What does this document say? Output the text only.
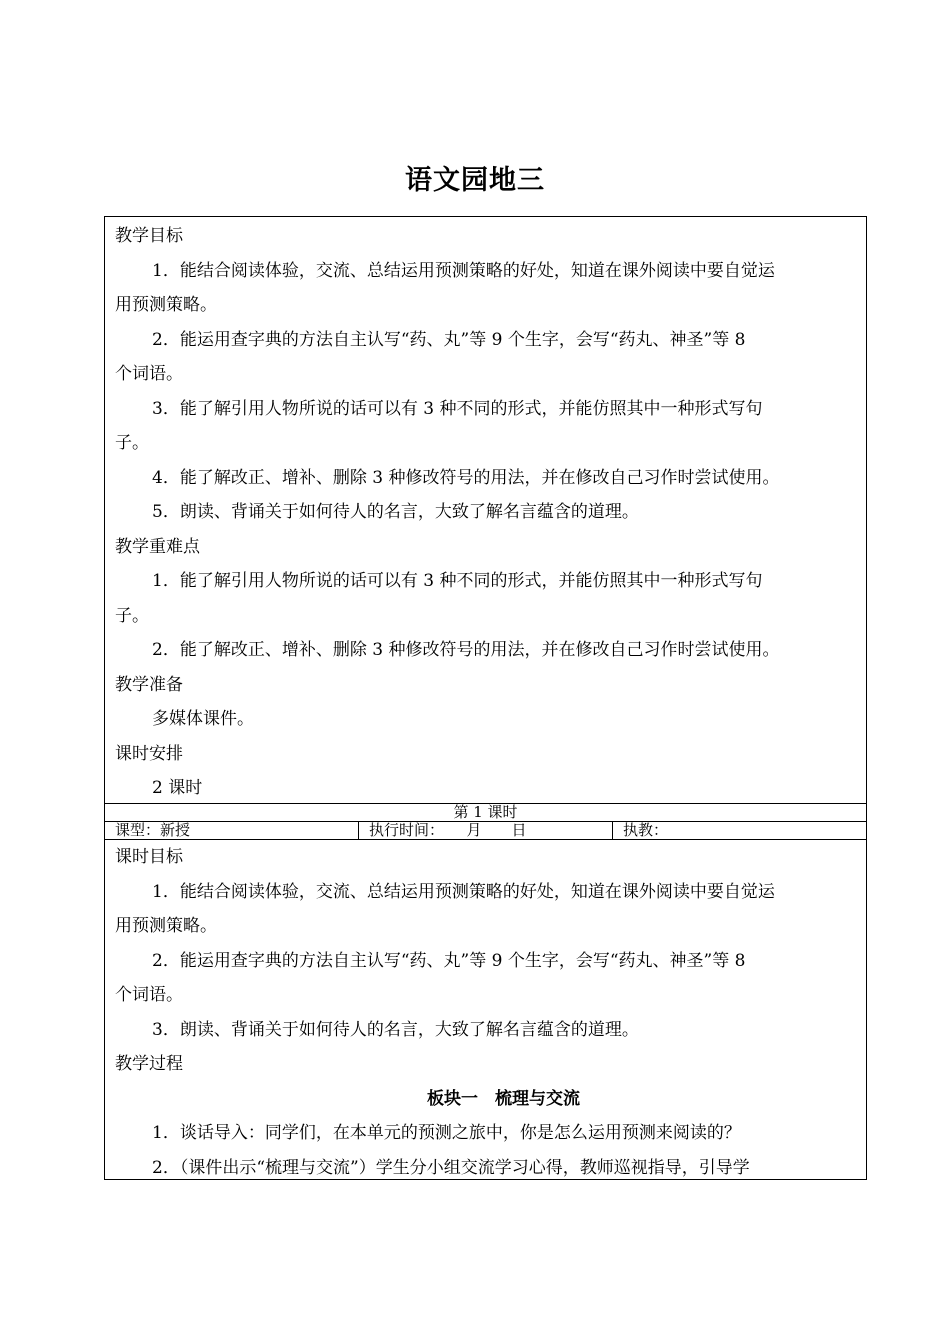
语文园地三

教学目标

1．能结合阅读体验，交流、总结运用预测策略的好处，知道在课外阅读中要自觉运

用预测策略。

2．能运用查字典的方法自主认写“药、丸”等 9 个生字，会写“药丸、神圣”等 8

个词语。

3．能了解引用人物所说的话可以有 3 种不同的形式，并能仿照其中一种形式写句

子。

4．能了解改正、增补、删除 3 种修改符号的用法，并在修改自己习作时尝试使用。

5．朗读、背诵关于如何待人的名言，大致了解名言蕴含的道理。

教学重难点

1．能了解引用人物所说的话可以有 3 种不同的形式，并能仿照其中一种形式写句

子。

2．能了解改正、增补、删除 3 种修改符号的用法，并在修改自己习作时尝试使用。

教学准备

多媒体课件。

课时安排

2 课时

第 1 课时
课型：新授	执行时间：　　月　　日	执教：

课时目标

1．能结合阅读体验，交流、总结运用预测策略的好处，知道在课外阅读中要自觉运

用预测策略。

2．能运用查字典的方法自主认写“药、丸”等 9 个生字，会写“药丸、神圣”等 8

个词语。

3．朗读、背诵关于如何待人的名言，大致了解名言蕴含的道理。

教学过程

板块一　梳理与交流

1．谈话导入：同学们，在本单元的预测之旅中，你是怎么运用预测来阅读的？

2．（课件出示“梳理与交流”）学生分小组交流学习心得，教师巡视指导，引导学
